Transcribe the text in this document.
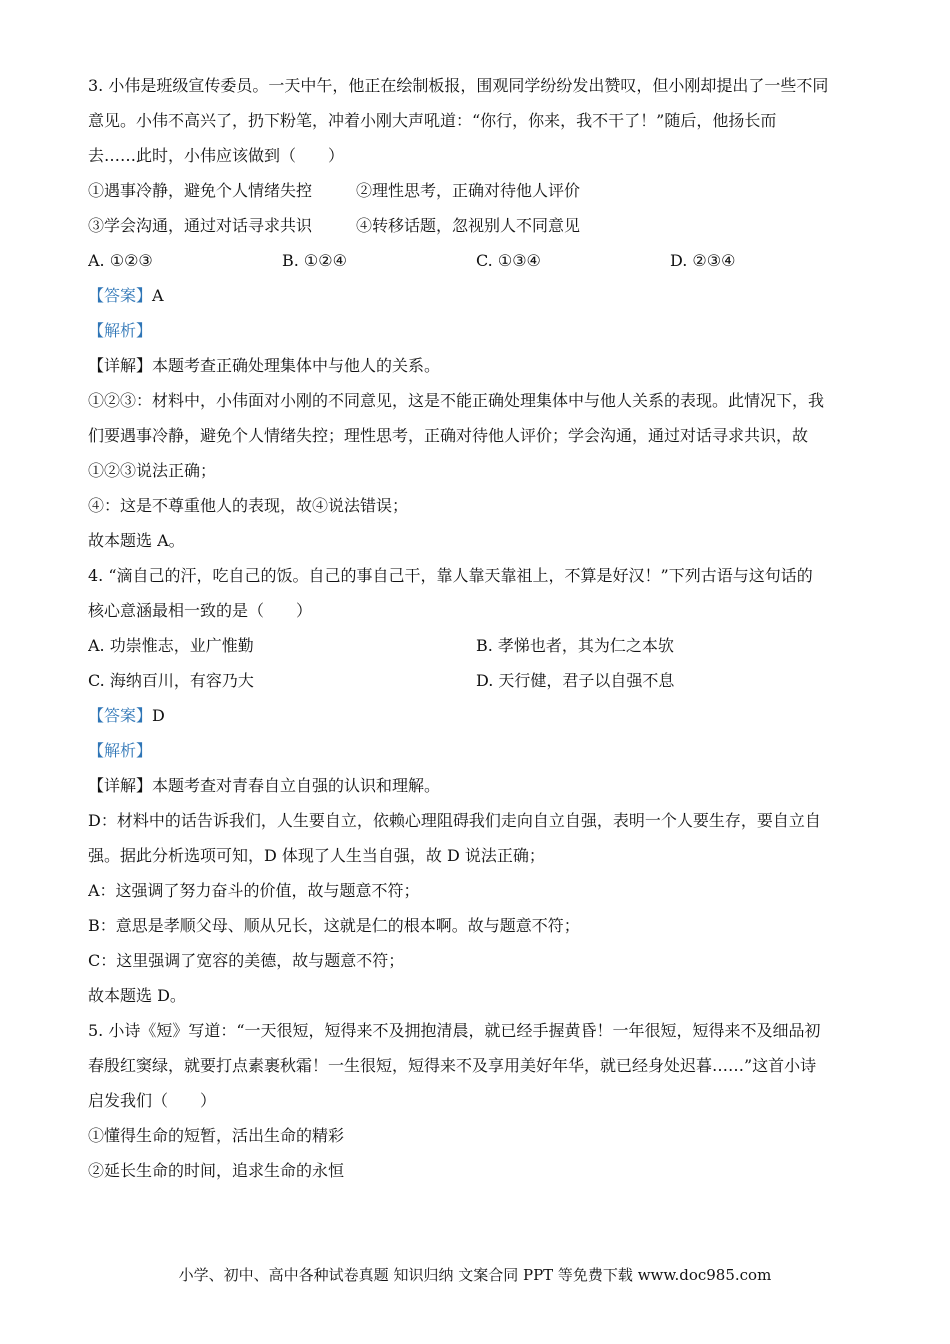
3. 小伟是班级宣传委员。一天中午，他正在绘制板报，围观同学纷纷发出赞叹，但小刚却提出了一些不同
意见。小伟不高兴了，扔下粉笔，冲着小刚大声吼道：“你行，你来，我不干了！”随后，他扬长而
去……此时，小伟应该做到（　　）
①遇事冷静，避免个人情绪失控	②理性思考，正确对待他人评价
③学会沟通，通过对话寻求共识	④转移话题，忽视别人不同意见
A. ①②③	B. ①②④	C. ①③④	D. ②③④
【答案】A
【解析】
【详解】本题考查正确处理集体中与他人的关系。
①②③：材料中，小伟面对小刚的不同意见，这是不能正确处理集体中与他人关系的表现。此情况下，我
们要遇事冷静，避免个人情绪失控；理性思考，正确对待他人评价；学会沟通，通过对话寻求共识，故
①②③说法正确；
④：这是不尊重他人的表现，故④说法错误；
故本题选 A。
4. “滴自己的汗，吃自己的饭。自己的事自己干，靠人靠天靠祖上，不算是好汉！”下列古语与这句话的
核心意涵最相一致的是（　　）
A. 功崇惟志，业广惟勤	B. 孝悌也者，其为仁之本欤
C. 海纳百川，有容乃大	D. 天行健，君子以自强不息
【答案】D
【解析】
【详解】本题考查对青春自立自强的认识和理解。
D：材料中的话告诉我们，人生要自立，依赖心理阻碍我们走向自立自强，表明一个人要生存，要自立自
强。据此分析选项可知，D 体现了人生当自强，故 D 说法正确；
A：这强调了努力奋斗的价值，故与题意不符；
B：意思是孝顺父母、顺从兄长，这就是仁的根本啊。故与题意不符；
C：这里强调了宽容的美德，故与题意不符；
故本题选 D。
5. 小诗《短》写道：“一天很短，短得来不及拥抱清晨，就已经手握黄昏！一年很短，短得来不及细品初
春殷红窦绿，就要打点素裹秋霜！一生很短，短得来不及享用美好年华，就已经身处迟暮……”这首小诗
启发我们（　　）
①懂得生命的短暂，活出生命的精彩
②延长生命的时间，追求生命的永恒
小学、初中、高中各种试卷真题 知识归纳 文案合同 PPT 等免费下载 www.doc985.com
